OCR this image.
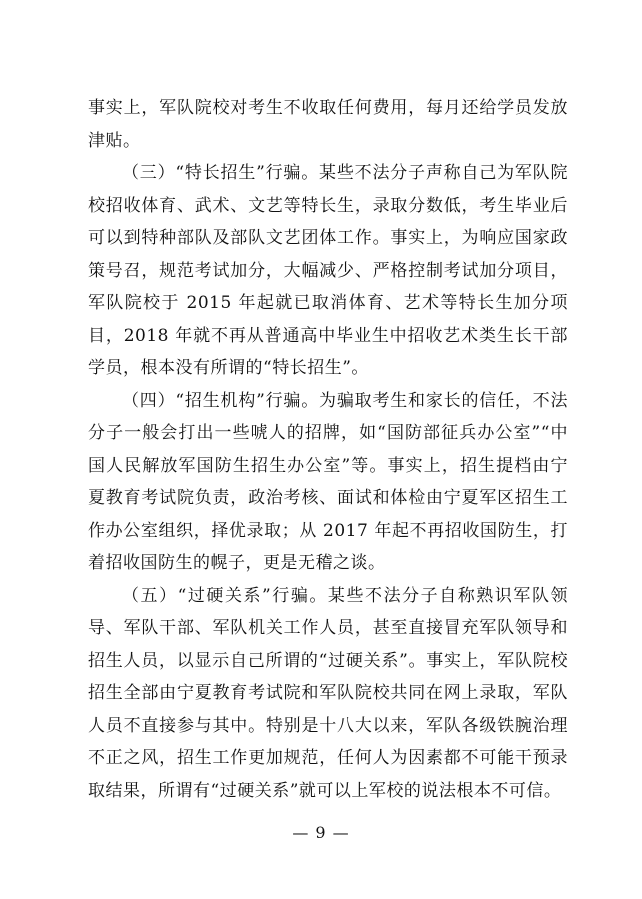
事实上，军队院校对考生不收取任何费用，每月还给学员发放津贴。

（三）“特长招生”行骗。某些不法分子声称自己为军队院校招收体育、武术、文艺等特长生，录取分数低，考生毕业后可以到特种部队及部队文艺团体工作。事实上，为响应国家政策号召，规范考试加分，大幅减少、严格控制考试加分项目，军队院校于 2015 年起就已取消体育、艺术等特长生加分项目，2018 年就不再从普通高中毕业生中招收艺术类生长干部学员，根本没有所谓的“特长招生”。

（四）“招生机构”行骗。为骗取考生和家长的信任，不法分子一般会打出一些唬人的招牌，如“国防部征兵办公室”“中国人民解放军国防生招生办公室”等。事实上，招生提档由宁夏教育考试院负责，政治考核、面试和体检由宁夏军区招生工作办公室组织，择优录取；从 2017 年起不再招收国防生，打着招收国防生的幌子，更是无稽之谈。

（五）“过硬关系”行骗。某些不法分子自称熟识军队领导、军队干部、军队机关工作人员，甚至直接冒充军队领导和招生人员，以显示自己所谓的“过硬关系”。事实上，军队院校招生全部由宁夏教育考试院和军队院校共同在网上录取，军队人员不直接参与其中。特别是十八大以来，军队各级铁腕治理不正之风，招生工作更加规范，任何人为因素都不可能干预录取结果，所谓有“过硬关系”就可以上军校的说法根本不可信。

— 9 —
